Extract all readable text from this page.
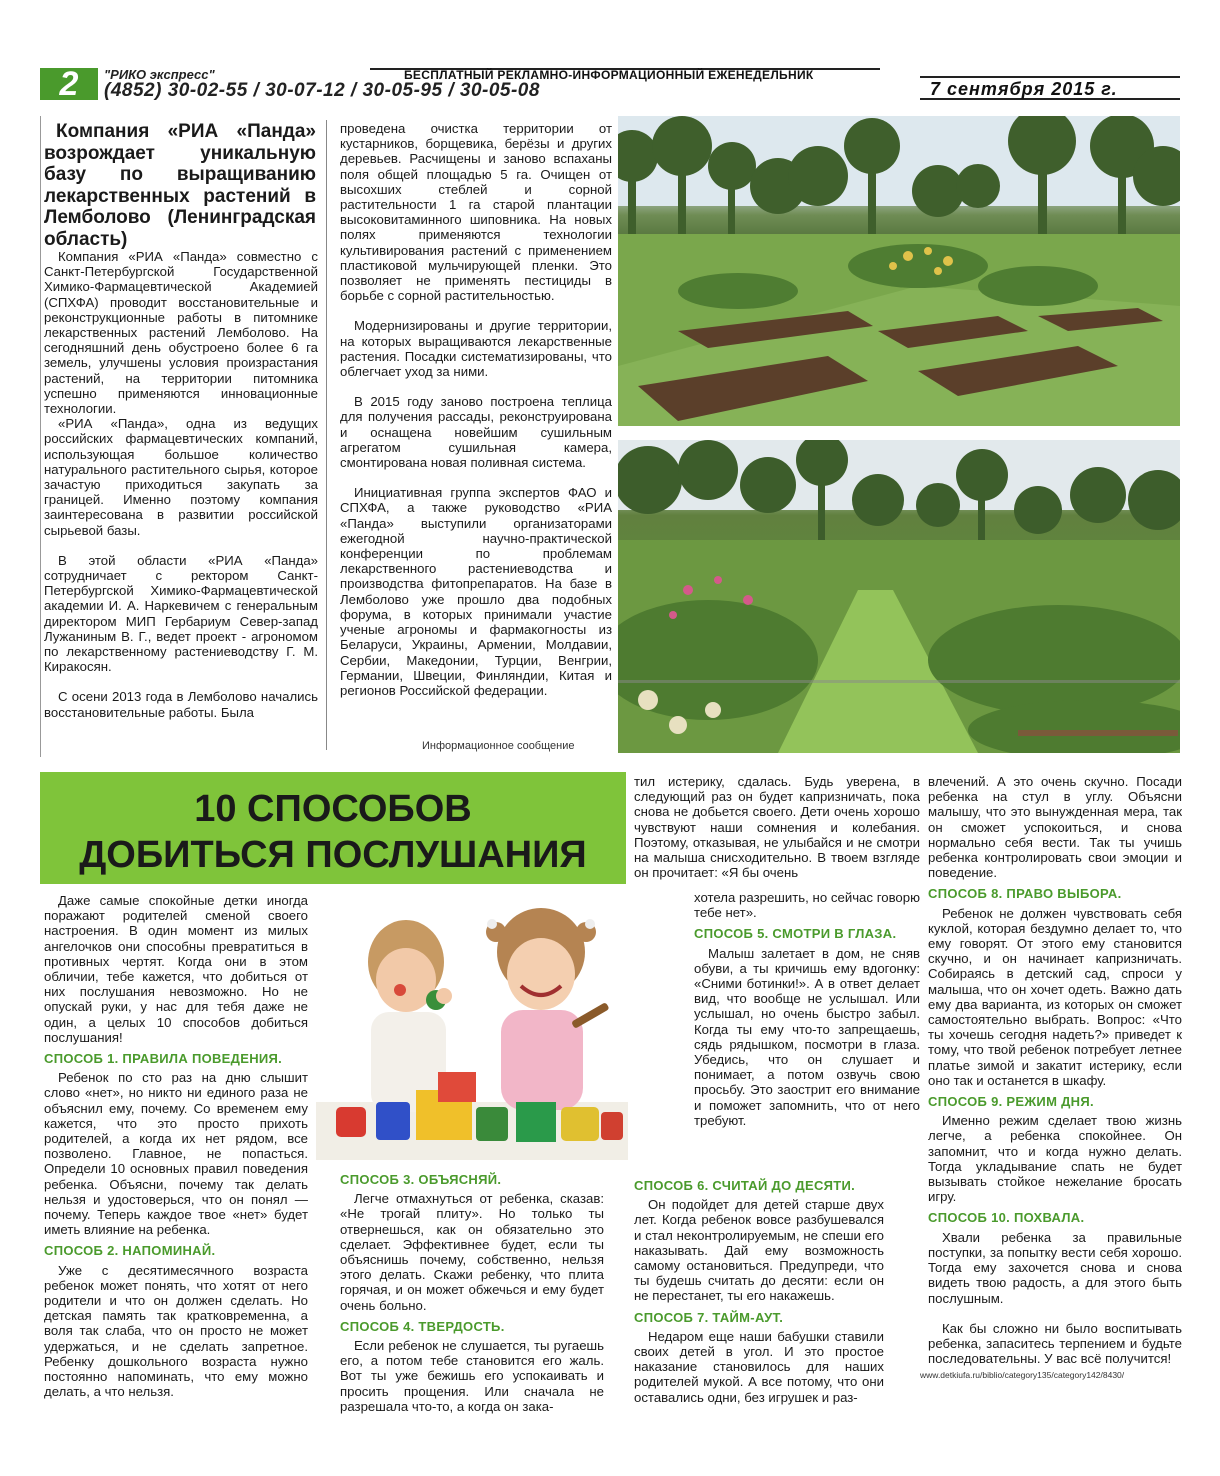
2	"РИКО экспресс"
(4852) 30-02-55 / 30-07-12 / 30-05-95 / 30-05-08
БЕСПЛАТНЫЙ РЕКЛАМНО-ИНФОРМАЦИОННЫЙ ЕЖЕНЕДЕЛЬНИК
7 сентября 2015 г.
Компания «РИА «Панда» возрождает уникальную базу по выращиванию лекарственных растений в Лемболово (Ленинградская область)

Компания «РИА «Панда» совместно с Санкт-Петербургской Государственной Химико-Фармацевтической Академией (СПХФА) проводит восстановительные и реконструкционные работы в питомнике лекарственных растений Лемболово. На сегодняшний день обустроено более 6 га земель, улучшены условия произрастания растений, на территории питомника успешно применяются инновационные технологии.

«РИА «Панда», одна из ведущих российских фармацевтических компаний, использующая большое количество натурального растительного сырья, которое зачастую приходиться закупать за границей. Именно поэтому компания заинтересована в развитии российской сырьевой базы.

В этой области «РИА «Панда» сотрудничает с ректором Санкт-Петербургской Химико-Фармацевтической академии И. А. Наркевичем с генеральным директором МИП Гербариум Север-запад Лужаниным В. Г., ведет проект - агрономом по лекарственному растениеводству Г. М. Киракосян.

С осени 2013 года в Лемболово начались восстановительные работы. Была

проведена очистка территории от кустарников, борщевика, берёзы и других деревьев. Расчищены и заново вспаханы поля общей площадью 5 га. Очищен от высохших стеблей и сорной растительности 1 га старой плантации высоковитаминного шиповника. На новых полях применяются технологии культивирования растений с применением пластиковой мульчирующей пленки. Это позволяет не применять пестициды в борьбе с сорной растительностью.

Модернизированы и другие территории, на которых выращиваются лекарственные растения. Посадки систематизированы, что облегчает уход за ними.

В 2015 году заново построена теплица для получения рассады, реконструирована и оснащена новейшим сушильным агрегатом сушильная камера, смонтирована новая поливная система.

Инициативная группа экспертов ФАО и СПХФА, а также руководство «РИА «Панда» выступили организаторами ежегодной научно-практической конференции по проблемам лекарственного растениеводства и производства фитопрепаратов. На базе в Лемболово уже прошло два подобных форума, в которых принимали участие ученые агрономы и фармакогносты из Беларуси, Украины, Армении, Молдавии, Сербии, Македонии, Турции, Венгрии, Германии, Швеции, Финляндии, Китая и регионов Российской федерации.

Информационное сообщение
10 СПОСОБОВ
ДОБИТЬСЯ ПОСЛУШАНИЯ

Даже самые спокойные детки иногда поражают родителей сменой своего настроения. В один момент из милых ангелочков они способны превратиться в противных чертят. Когда они в этом обличии, тебе кажется, что добиться от них послушания невозможно. Но не опускай руки, у нас для тебя даже не один, а целых 10 способов добиться послушания!

СПОСОБ 1. ПРАВИЛА ПОВЕДЕНИЯ.

Ребенок по сто раз на дню слышит слово «нет», но никто ни единого раза не объяснил ему, почему. Со временем ему кажется, что это просто прихоть родителей, а когда их нет рядом, все позволено. Главное, не попасться. Определи 10 основных правил поведения ребенка. Объясни, почему так делать нельзя и удостоверься, что он понял — почему. Теперь каждое твое «нет» будет иметь влияние на ребенка.

СПОСОБ 2. НАПОМИНАЙ.

Уже с десятимесячного возраста ребенок может понять, что хотят от него родители и что он должен сделать. Но детская память так кратковременна, а воля так слаба, что он просто не может удержаться, и не сделать запретное. Ребенку дошкольного возраста нужно постоянно напоминать, что ему можно делать, а что нельзя.

СПОСОБ 3. ОБЪЯСНЯЙ.

Легче отмахнуться от ребенка, сказав: «Не трогай плиту». Но только ты отвернешься, как он обязательно это сделает. Эффективнее будет, если ты объяснишь почему, собственно, нельзя этого делать. Скажи ребенку, что плита горячая, и он может обжечься и ему будет очень больно.

СПОСОБ 4. ТВЕРДОСТЬ.

Если ребенок не слушается, ты ругаешь его, а потом тебе становится его жаль. Вот ты уже бежишь его успокаивать и просить прощения. Или сначала не разрешала что-то, а когда он зака-

тил истерику, сдалась. Будь уверена, в следующий раз он будет капризничать, пока снова не добьется своего. Дети очень хорошо чувствуют наши сомнения и колебания. Поэтому, отказывая, не улыбайся и не смотри на малыша снисходительно. В твоем взгляде он прочитает: «Я бы очень

хотела разрешить, но сейчас говорю тебе нет».

СПОСОБ 5. СМОТРИ В ГЛАЗА.

Малыш залетает в дом, не сняв обуви, а ты кричишь ему вдогонку: «Сними ботинки!». А в ответ делает вид, что вообще не услышал. Или услышал, но очень быстро забыл. Когда ты ему что-то запрещаешь, сядь рядышком, посмотри в глаза. Убедись, что он слушает и понимает, а потом озвучь свою просьбу. Это заострит его внимание и поможет запомнить, что от него требуют.

СПОСОБ 6. СЧИТАЙ ДО ДЕСЯТИ.

Он подойдет для детей старше двух лет. Когда ребенок вовсе разбушевался и стал неконтролируемым, не спеши его наказывать. Дай ему возможность самому остановиться. Предупреди, что ты будешь считать до десяти: если он не перестанет, ты его накажешь.

СПОСОБ 7. ТАЙМ-АУТ.

Недаром еще наши бабушки ставили своих детей в угол. И это простое наказание становилось для наших родителей мукой. А все потому, что они оставались одни, без игрушек и раз-

влечений. А это очень скучно. Посади ребенка на стул в углу. Объясни малышу, что это вынужденная мера, так он сможет успокоиться, и снова нормально себя вести. Так ты учишь ребенка контролировать свои эмоции и поведение.

СПОСОБ 8. ПРАВО ВЫБОРА.

Ребенок не должен чувствовать себя куклой, которая бездумно делает то, что ему говорят. От этого ему становится скучно, и он начинает капризничать. Собираясь в детский сад, спроси у малыша, что он хочет одеть. Важно дать ему два варианта, из которых он сможет самостоятельно выбрать. Вопрос: «Что ты хочешь сегодня надеть?» приведет к тому, что твой ребенок потребует летнее платье зимой и закатит истерику, если оно так и останется в шкафу.

СПОСОБ 9. РЕЖИМ ДНЯ.

Именно режим сделает твою жизнь легче, а ребенка спокойнее. Он запомнит, что и когда нужно делать. Тогда укладывание спать не будет вызывать стойкое нежелание бросать игру.

СПОСОБ 10. ПОХВАЛА.

Хвали ребенка за правильные поступки, за попытку вести себя хорошо. Тогда ему захочется снова и снова видеть твою радость, а для этого быть послушным.

Как бы сложно ни было воспитывать ребенка, запаситесь терпением и будьте последовательны. У вас всё получится!

www.detkiufa.ru/biblio/category135/category142/8430/
